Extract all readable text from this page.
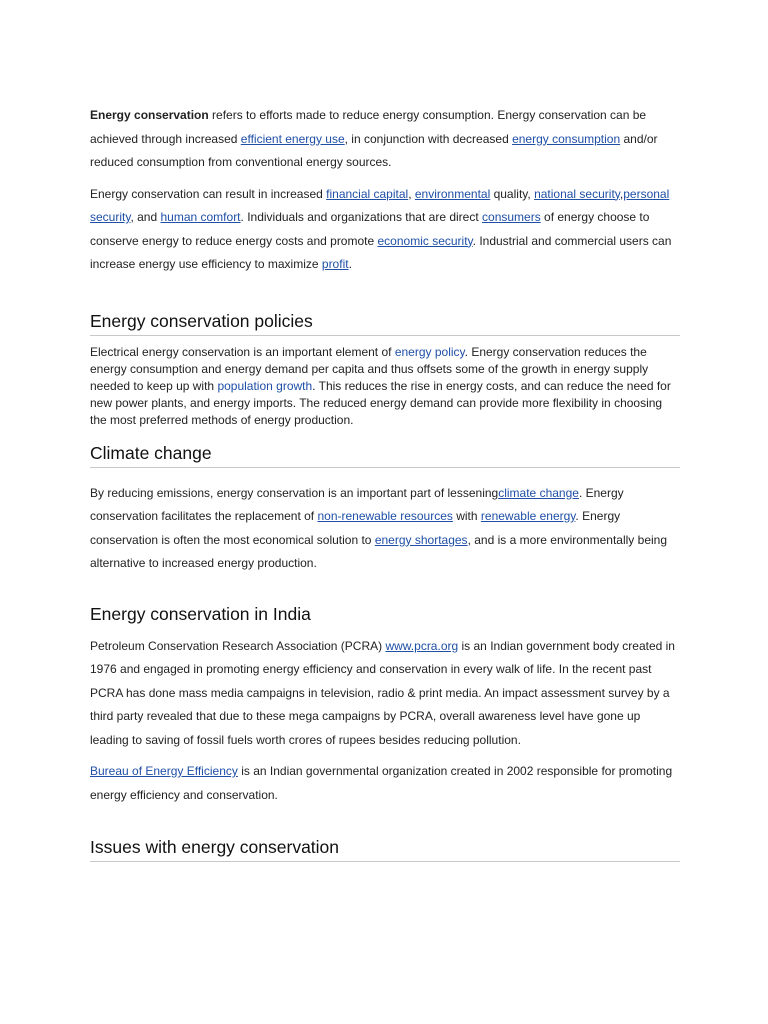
Energy conservation refers to efforts made to reduce energy consumption. Energy conservation can be achieved through increased efficient energy use, in conjunction with decreased energy consumption and/or reduced consumption from conventional energy sources.

Energy conservation can result in increased financial capital, environmental quality, national security,personal security, and human comfort. Individuals and organizations that are direct consumers of energy choose to conserve energy to reduce energy costs and promote economic security. Industrial and commercial users can increase energy use efficiency to maximize profit.

Energy conservation policies

Electrical energy conservation is an important element of energy policy. Energy conservation reduces the energy consumption and energy demand per capita and thus offsets some of the growth in energy supply needed to keep up with population growth. This reduces the rise in energy costs, and can reduce the need for new power plants, and energy imports. The reduced energy demand can provide more flexibility in choosing the most preferred methods of energy production.

Climate change

By reducing emissions, energy conservation is an important part of lesseningclimate change. Energy conservation facilitates the replacement of non-renewable resources with renewable energy. Energy conservation is often the most economical solution to energy shortages, and is a more environmentally being alternative to increased energy production.

Energy conservation in India

Petroleum Conservation Research Association (PCRA) www.pcra.org is an Indian government body created in 1976 and engaged in promoting energy efficiency and conservation in every walk of life. In the recent past PCRA has done mass media campaigns in television, radio & print media. An impact assessment survey by a third party revealed that due to these mega campaigns by PCRA, overall awareness level have gone up leading to saving of fossil fuels worth crores of rupees besides reducing pollution.

Bureau of Energy Efficiency is an Indian governmental organization created in 2002 responsible for promoting energy efficiency and conservation.

Issues with energy conservation
